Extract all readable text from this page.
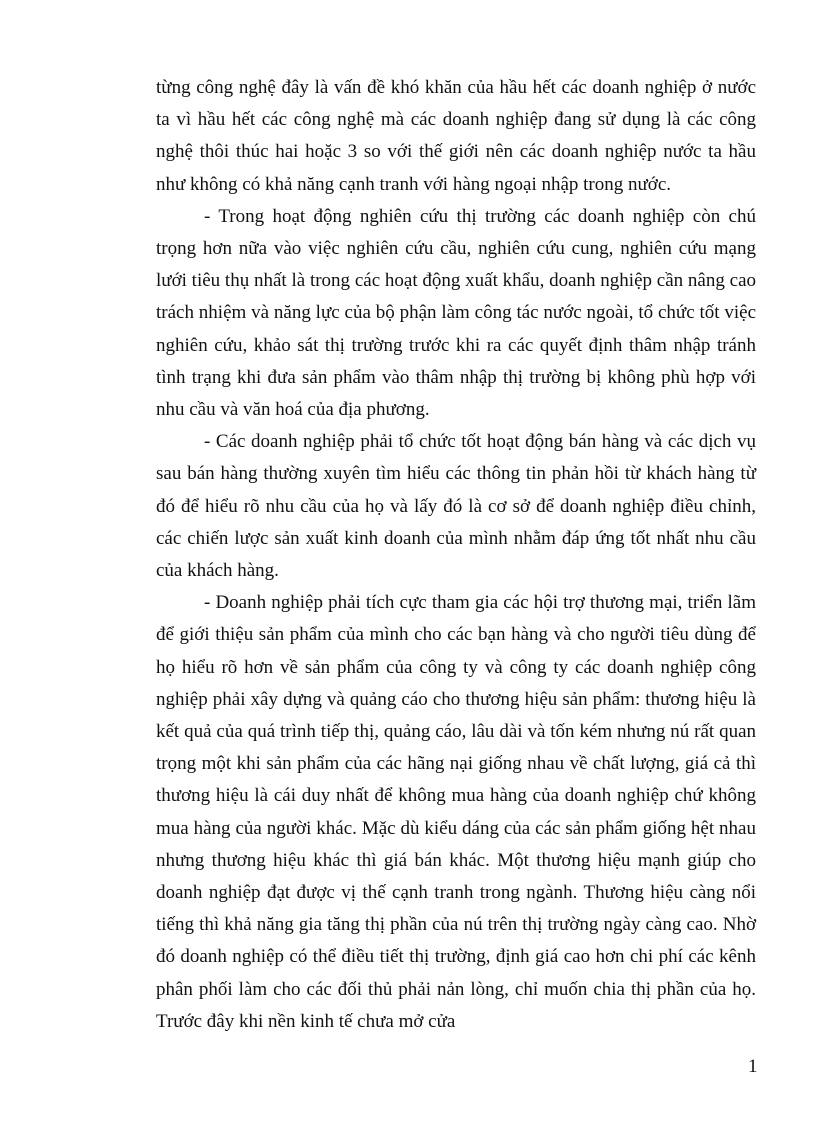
từng công nghệ đây là vấn đề khó khăn của hầu hết các doanh nghiệp ở nước ta vì hầu hết các công nghệ mà các doanh nghiệp đang sử dụng là các công nghệ thôi thúc hai hoặc 3 so với thế giới nên các doanh nghiệp nước ta hầu như không có khả năng cạnh tranh với hàng ngoại nhập trong nước.

- Trong hoạt động nghiên cứu thị trường các doanh nghiệp còn chú trọng hơn nữa vào việc nghiên cứu cầu, nghiên cứu cung, nghiên cứu mạng lưới tiêu thụ nhất là trong các hoạt động xuất khẩu, doanh nghiệp cần nâng cao trách nhiệm và năng lực của bộ phận làm công tác nước ngoài, tổ chức tốt việc nghiên cứu, khảo sát thị trường trước khi ra các quyết định thâm nhập tránh tình trạng khi đưa sản phẩm vào thâm nhập thị trường bị không phù hợp với nhu cầu và văn hoá của địa phương.

- Các doanh nghiệp phải tổ chức tốt hoạt động bán hàng và các dịch vụ sau bán hàng thường xuyên tìm hiểu các thông tin phản hồi từ khách hàng từ đó để hiểu rõ nhu cầu của họ và lấy đó là cơ sở để doanh nghiệp điều chỉnh, các chiến lược sản xuất kinh doanh của mình nhằm đáp ứng tốt nhất nhu cầu của khách hàng.

- Doanh nghiệp phải tích cực tham gia các hội trợ thương mại, triển lãm để giới thiệu sản phẩm của mình cho các bạn hàng và cho người tiêu dùng để họ hiểu rõ hơn về sản phẩm của công ty và công ty các doanh nghiệp công nghiệp phải xây dựng và quảng cáo cho thương hiệu sản phẩm: thương hiệu là kết quả của quá trình tiếp thị, quảng cáo, lâu dài và tốn kém nhưng nú rất quan trọng một khi sản phẩm của các hãng nại giống nhau về chất lượng, giá cả thì thương hiệu là cái duy nhất để không mua hàng của doanh nghiệp chứ không mua hàng của người khác. Mặc dù kiểu dáng của các sản phẩm giống hệt nhau nhưng thương hiệu khác thì giá bán khác. Một thương hiệu mạnh giúp cho doanh nghiệp đạt được vị thế cạnh tranh trong ngành. Thương hiệu càng nổi tiếng thì khả năng gia tăng thị phần của nú trên thị trường ngày càng cao. Nhờ đó doanh nghiệp có thể điều tiết thị trường, định giá cao hơn chi phí các kênh phân phối làm cho các đối thủ phải nản lòng, chỉ muốn chia thị phần của họ. Trước đây khi nền kinh tế chưa mở cửa

1
